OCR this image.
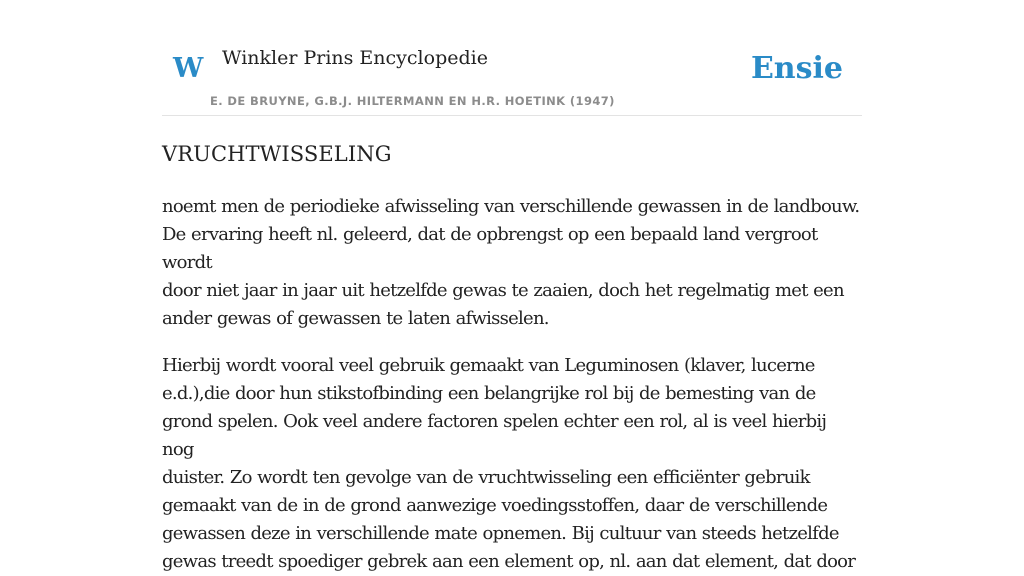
W Winkler Prins Encyclopedie
E. DE BRUYNE, G.B.J. HILTERMANN EN H.R. HOETINK (1947)
Ensie
VRUCHTWISSELING

noemt men de periodieke afwisseling van verschillende gewassen in de landbouw.
De ervaring heeft nl. geleerd, dat de opbrengst op een bepaald land vergroot wordt
door niet jaar in jaar uit hetzelfde gewas te zaaien, doch het regelmatig met een
ander gewas of gewassen te laten afwisselen.

Hierbij wordt vooral veel gebruik gemaakt van Leguminosen (klaver, lucerne
e.d.),die door hun stikstofbinding een belangrijke rol bij de bemesting van de
grond spelen. Ook veel andere factoren spelen echter een rol, al is veel hierbij nog
duister. Zo wordt ten gevolge van de vruchtwisseling een efficiënter gebruik
gemaakt van de in de grond aanwezige voedingsstoffen, daar de verschillende
gewassen deze in verschillende mate opnemen. Bij cultuur van steeds hetzelfde
gewas treedt spoediger gebrek aan een element op, nl. aan dat element, dat door
